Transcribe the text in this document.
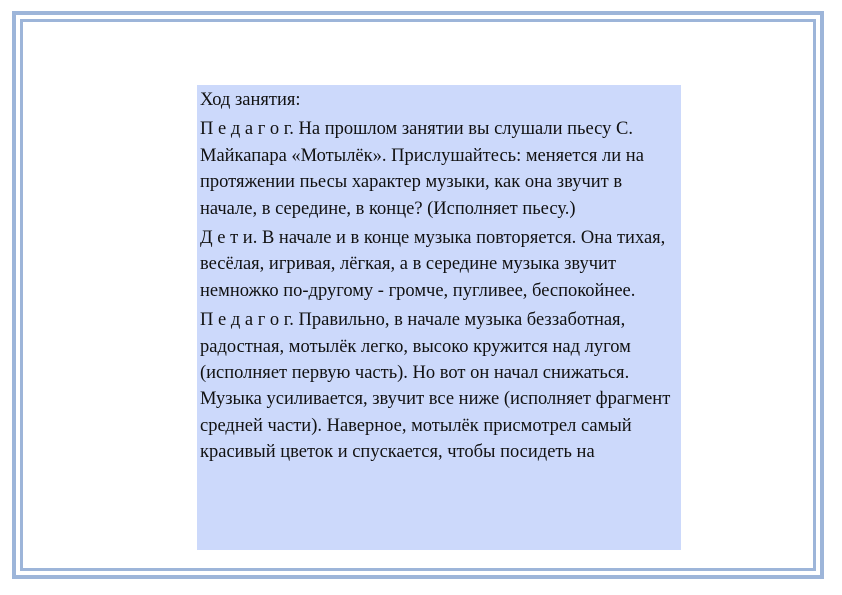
Ход занятия:

П е д а г о г. На прошлом занятии вы слушали пьесу С. Майкапара «Мотылёк». Прислушайтесь: меняется ли на протяжении пьесы характер музыки, как она звучит в начале, в середине, в конце? (Исполняет пьесу.)

Д е т и. В начале и в конце музыка повторяется. Она тихая, весёлая, игривая, лёгкая, а в середине музыка звучит немножко по-другому - громче, пугливее, беспокойнее.

П е д а г о г. Правильно, в начале музыка беззаботная, радостная, мотылёк легко, высоко кружится над лугом (исполняет первую часть). Но вот он начал снижаться. Музыка усиливается, звучит все ниже (исполняет фрагмент средней части). Наверное, мотылёк присмотрел самый красивый цветок и спускается, чтобы посидеть на
